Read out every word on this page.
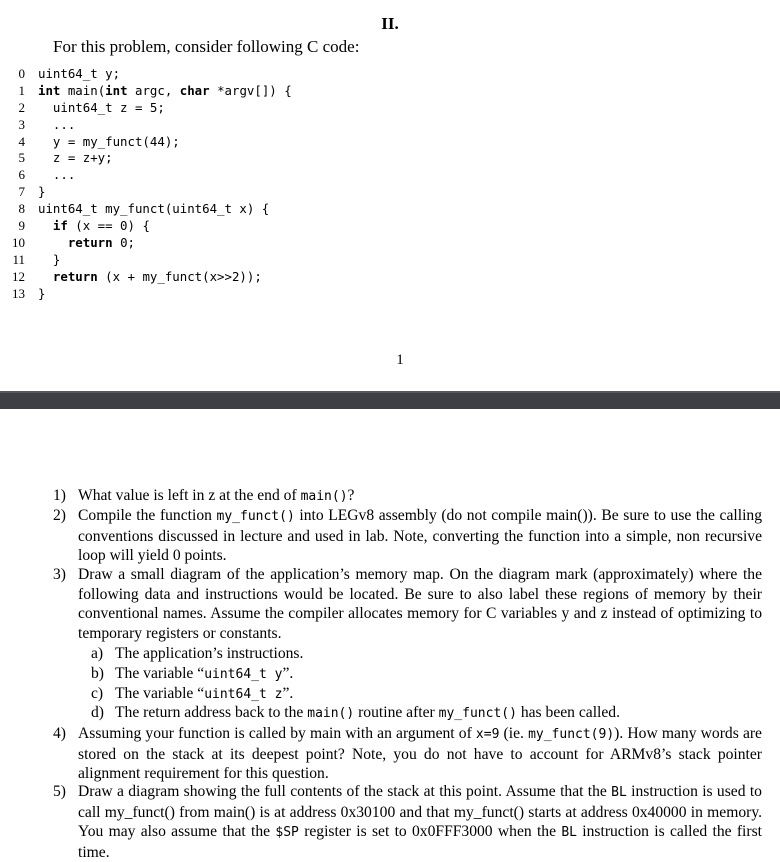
II.
For this problem, consider following C code:
0 uint64_t y;
1 int main(int argc, char *argv[]) {
2 uint64_t z = 5;
3 ...
4 y = my_funct(44);
5 z = z+y;
6 ...
7 }
8 uint64_t my_funct(uint64_t x) {
9	if (x == 0) {
10	return 0;
11 }
12	return (x + my_funct(x>>2));
13 }
1
1) What value is left in z at the end of main()?
2) Compile the function my_funct() into LEGv8 assembly (do not compile main()). Be sure to use the calling conventions discussed in lecture and used in lab. Note, converting the function into a simple, non recursive loop will yield 0 points.
3) Draw a small diagram of the application’s memory map. On the diagram mark (approximately) where the following data and instructions would be located. Be sure to also label these regions of memory by their conventional names. Assume the compiler allocates memory for C variables y and z instead of optimizing to temporary registers or constants.
a) The application’s instructions.
b) The variable “uint64_t y”.
c) The variable “uint64_t z”.
d) The return address back to the main() routine after my_funct() has been called.
4) Assuming your function is called by main with an argument of x=9 (ie. my_funct(9)). How many words are stored on the stack at its deepest point? Note, you do not have to account for ARMv8’s stack pointer alignment requirement for this question.
5) Draw a diagram showing the full contents of the stack at this point. Assume that the BL instruction is used to call my_funct() from main() is at address 0x30100 and that my_funct() starts at address 0x40000 in memory. You may also assume that the $SP register is set to 0x0FFF3000 when the BL instruction is called the first time.
